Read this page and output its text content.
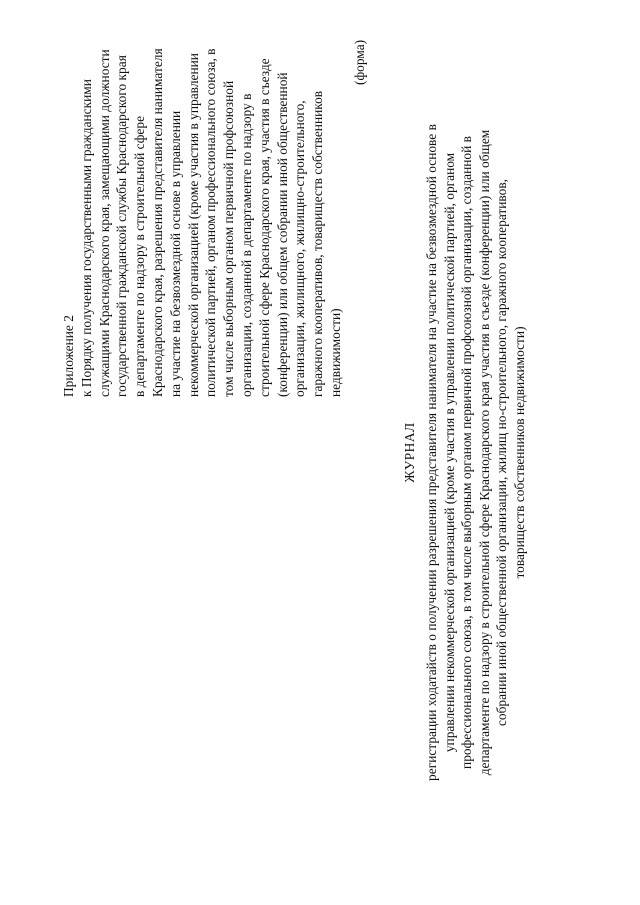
Приложение 2 к Порядку получения государственными гражданскими служащими Краснодарского края, замещающими должности государственной гражданской службы Краснодарского края в департаменте по надзору в строительной сфере Краснодарского края, разрешения представителя нанимателя на участие на безвозмездной основе в управлении некоммерческой организацией (кроме участия в управлении политической партией, органом профессионального союза, в том числе выборным органом первичной профсоюзной организации, созданной в департаменте по надзору в строительной сфере Краснодарского края, участия в съезде (конференции) или общем собрании иной общественной организации, жилищного, жилищно-строительного, гаражного кооперативов, товариществ собственников недвижимости)
(форма)
ЖУРНАЛ регистрации ходатайств о получении разрешения представителя нанимателя на участие на безвозмездной основе в управлении некоммерческой организацией (кроме участия в управлении политической партией, органом профессионального союза, в том числе выборным органом первичной профсоюзной организации, созданной в департаменте по надзору в строительной сфере Краснодарского края участия в съезде (конференции) или общем собрании иной общественной организации, жилищ но-строительного, гаражного кооперативов, товариществ собственников недвижимости)
